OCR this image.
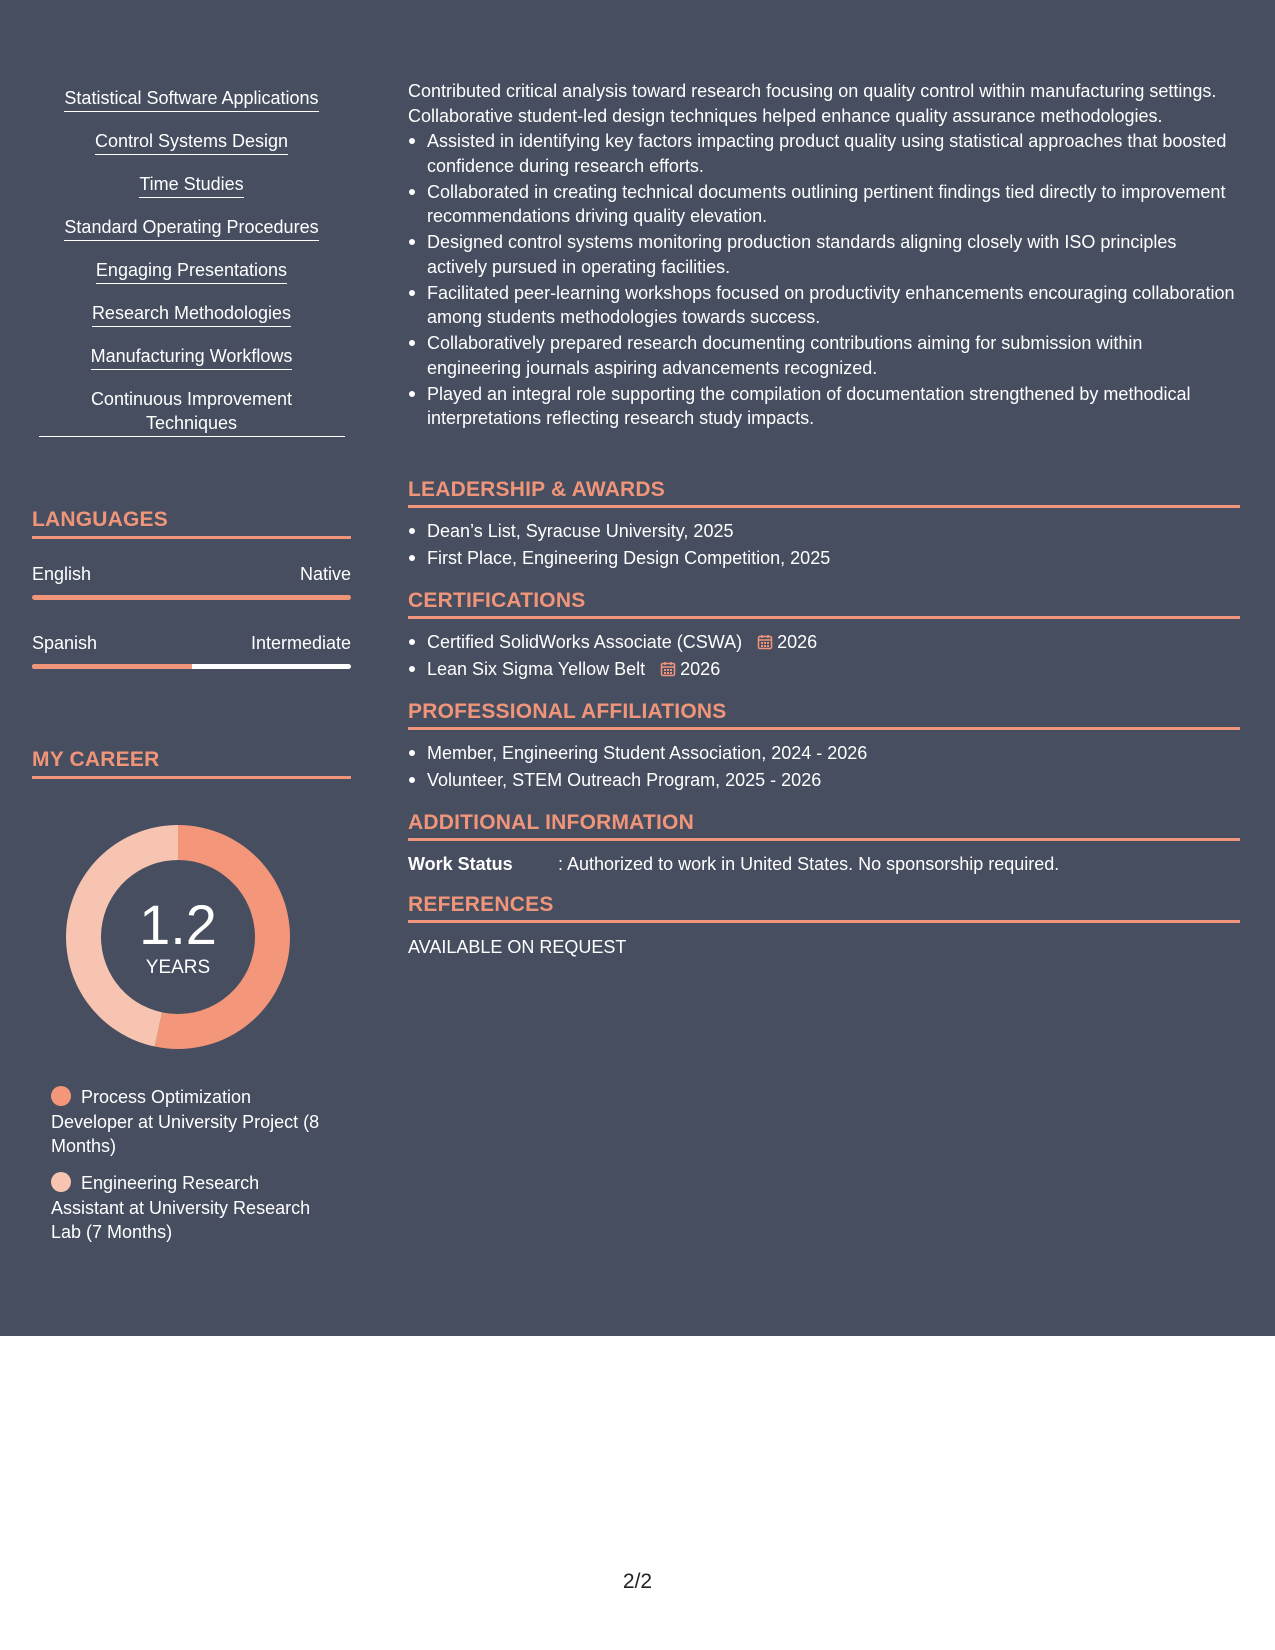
Statistical Software Applications
Control Systems Design
Time Studies
Standard Operating Procedures
Engaging Presentations
Research Methodologies
Manufacturing Workflows
Continuous Improvement Techniques
LANGUAGES
English	Native
Spanish	Intermediate
MY CAREER
1.2
YEARS
Process Optimization Developer at University Project (8 Months)
Engineering Research Assistant at University Research Lab (7 Months)

Contributed critical analysis toward research focusing on quality control within manufacturing settings. Collaborative student-led design techniques helped enhance quality assurance methodologies.

Assisted in identifying key factors impacting product quality using statistical approaches that boosted confidence during research efforts.
Collaborated in creating technical documents outlining pertinent findings tied directly to improvement recommendations driving quality elevation.
Designed control systems monitoring production standards aligning closely with ISO principles actively pursued in operating facilities.
Facilitated peer-learning workshops focused on productivity enhancements encouraging collaboration among students methodologies towards success.
Collaboratively prepared research documenting contributions aiming for submission within engineering journals aspiring advancements recognized.
Played an integral role supporting the compilation of documentation strengthened by methodical interpretations reflecting research study impacts.
LEADERSHIP & AWARDS
Dean’s List, Syracuse University, 2025
First Place, Engineering Design Competition, 2025
CERTIFICATIONS
Certified SolidWorks Associate (CSWA) 2026
Lean Six Sigma Yellow Belt 2026
PROFESSIONAL AFFILIATIONS
Member, Engineering Student Association, 2024 - 2026
Volunteer, STEM Outreach Program, 2025 - 2026
ADDITIONAL INFORMATION
Work Status	: Authorized to work in United States. No sponsorship required.
REFERENCES
AVAILABLE ON REQUEST
2/2
